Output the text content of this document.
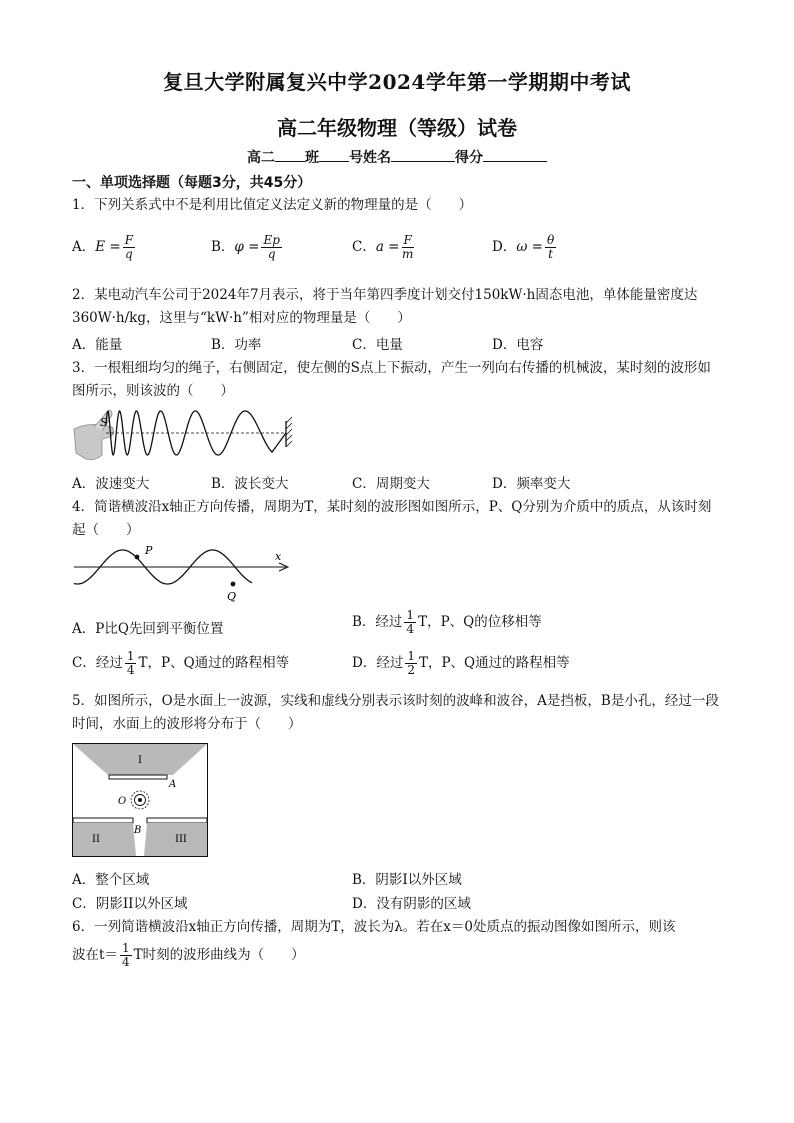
复旦大学附属复兴中学2024学年第一学期期中考试
高二年级物理（等级）试卷
高二 班 号姓名	得分
一、单项选择题（每题3分，共45分）
1．下列关系式中不是利用比值定义法定义新的物理量的是（　　）
A．$E = \frac{F}{q}$	B．$\varphi = \frac{Ep}{q}$	C．$a = \frac{F}{m}$	D．$\omega = \frac{\theta}{t}$
2．某电动汽车公司于2024年7月表示，将于当年第四季度计划交付150kW·h固态电池，单体能量密度达360W·h/kg，这里与“kW·h”相对应的物理量是（　　）
A．能量	B．功率	C．电量	D．电容
3．一根粗细均匀的绳子，右侧固定，使左侧的S点上下振动，产生一列向右传播的机械波，某时刻的波形如图所示，则该波的（　　）
S
A．波速变大	B．波长变大	C．周期变大	D．频率变大
4．简谐横波沿x轴正方向传播，周期为T，某时刻的波形图如图所示，P、Q分别为介质中的质点，从该时刻起（　　）
x
P
Q
A．P比Q先回到平衡位置	B．经过 $\frac{1}{4}$ T，P、Q的位移相等
C．经过 $\frac{1}{4}$ T，P、Q通过的路程相等	D．经过 $\frac{1}{2}$ T，P、Q通过的路程相等
5．如图所示，O是水面上一波源，实线和虚线分别表示该时刻的波峰和波谷，A是挡板，B是小孔，经过一段时间，水面上的波形将分布于（　　）
I
A
O
B
II	III
A．整个区域	B．阴影I以外区域
C．阴影II以外区域	D．没有阴影的区域
6．一列简谐横波沿x轴正方向传播，周期为T，波长为λ。若在x＝0处质点的振动图像如图所示，则该
波在$t= \frac{1}{4}$ T时刻的波形曲线为（　　）
